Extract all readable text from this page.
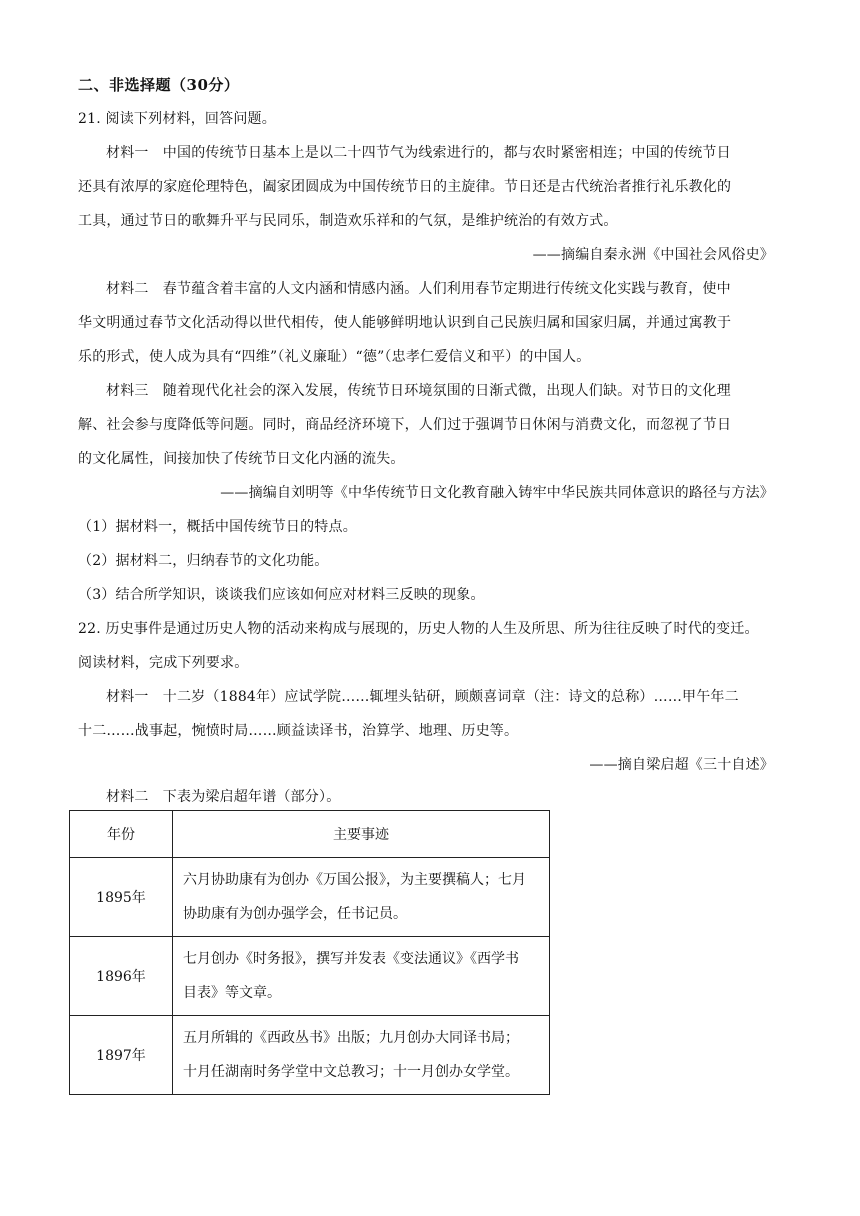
二、非选择题（30分）
21. 阅读下列材料，回答问题。
材料一　中国的传统节日基本上是以二十四节气为线索进行的，都与农时紧密相连；中国的传统节日
还具有浓厚的家庭伦理特色，阖家团圆成为中国传统节日的主旋律。节日还是古代统治者推行礼乐教化的
工具，通过节日的歌舞升平与民同乐，制造欢乐祥和的气氛，是维护统治的有效方式。
——摘编自秦永洲《中国社会风俗史》
材料二　春节蕴含着丰富的人文内涵和情感内涵。人们利用春节定期进行传统文化实践与教育，使中
华文明通过春节文化活动得以世代相传，使人能够鲜明地认识到自己民族归属和国家归属，并通过寓教于
乐的形式，使人成为具有“四维”（礼义廉耻）“德”（忠孝仁爱信义和平）的中国人。
材料三　随着现代化社会的深入发展，传统节日环境氛围的日渐式微，出现人们缺。对节日的文化理
解、社会参与度降低等问题。同时，商品经济环境下，人们过于强调节日休闲与消费文化，而忽视了节日
的文化属性，间接加快了传统节日文化内涵的流失。
——摘编自刘明等《中华传统节日文化教育融入铸牢中华民族共同体意识的路径与方法》
（1）据材料一，概括中国传统节日的特点。
（2）据材料二，归纳春节的文化功能。
（3）结合所学知识，谈谈我们应该如何应对材料三反映的现象。
22. 历史事件是通过历史人物的活动来构成与展现的，历史人物的人生及所思、所为往往反映了时代的变迁。
阅读材料，完成下列要求。
材料一　十二岁（1884年）应试学院……辄埋头钻研，顾颇喜词章（注：诗文的总称）……甲午年二
十二……战事起，惋愤时局……顾益读译书，治算学、地理、历史等。
——摘自梁启超《三十自述》
材料二　下表为梁启超年谱（部分）。
年份	主要事迹
1895年	六月协助康有为创办《万国公报》，为主要撰稿人；七月
协助康有为创办强学会，任书记员。

1896年	七月创办《时务报》，撰写并发表《变法通议》《西学书
目表》等文章。

1897年	五月所辑的《西政丛书》出版；九月创办大同译书局；
十月任湖南时务学堂中文总教习；十一月创办女学堂。
